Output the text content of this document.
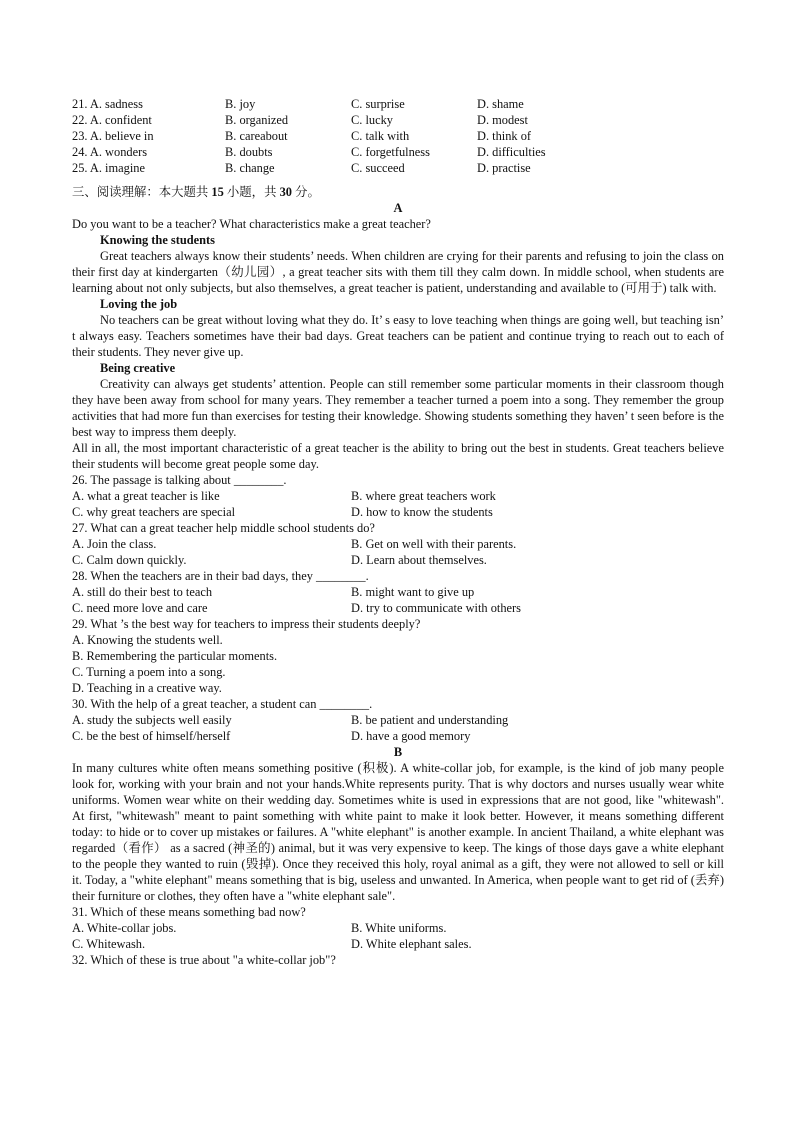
21. A. sadness	B. joy	C. surprise	D. shame
22. A. confident	B. organized	C. lucky	D. modest
23. A. believe in	B. careabout	C. talk with	D. think of
24. A. wonders	B. doubts	C. forgetfulness	D. difficulties
25. A. imagine	B. change	C. succeed	D. practise
三、阅读理解：本大题共 15 小题，共 30 分。
A

Do you want to be a teacher? What characteristics make a great teacher?

Knowing the students

Great teachers always know their students’ needs. When children are crying for their parents and refusing to join the class on their first day at kindergarten（幼儿园）, a great teacher sits with them till they calm down. In middle school, when students are learning about not only subjects, but also themselves, a great teacher is patient, understanding and available to (可用于) talk with.

Loving the job

No teachers can be great without loving what they do. It’ s easy to love teaching when things are going well, but teaching isn’ t always easy. Teachers sometimes have their bad days. Great teachers can be patient and continue trying to reach out to each of their students. They never give up.

Being creative

Creativity can always get students’ attention. People can still remember some particular moments in their classroom though they have been away from school for many years. They remember a teacher turned a poem into a song. They remember the group activities that had more fun than exercises for testing their knowledge. Showing students something they haven’ t seen before is the best way to impress them deeply.

All in all, the most important characteristic of a great teacher is the ability to bring out the best in students. Great teachers believe their students will become great people some day.

26. The passage is talking about ________.
A. what a great teacher is like	B. where great teachers work
C. why great teachers are special	D. how to know the students
27. What can a great teacher help middle school students do?
A. Join the class.	B. Get on well with their parents.
C. Calm down quickly.	D. Learn about themselves.
28. When the teachers are in their bad days, they ________.
A. still do their best to teach	B. might want to give up
C. need more love and care	D. try to communicate with others
29. What ’s the best way for teachers to impress their students deeply?
A. Knowing the students well.
B. Remembering the particular moments.
C. Turning a poem into a song.
D. Teaching in a creative way.
30. With the help of a great teacher, a student can ________.
A. study the subjects well easily	B. be patient and understanding
C. be the best of himself/herself	D. have a good memory
B

In many cultures white often means something positive (积极). A white-collar job, for example, is the kind of job many people look for, working with your brain and not your hands.White represents purity. That is why doctors and nurses usually wear white uniforms. Women wear white on their wedding day. Sometimes white is used in expressions that are not good, like "whitewash". At first, "whitewash" meant to paint something with white paint to make it look better. However, it means something different today: to hide or to cover up mistakes or failures. A "white elephant" is another example. In ancient Thailand, a white elephant was regarded（看作） as a sacred (神圣的) animal, but it was very expensive to keep. The kings of those days gave a white elephant to the people they wanted to ruin (毁掉). Once they received this holy, royal animal as a gift, they were not allowed to sell or kill it. Today, a "white elephant" means something that is big, useless and unwanted. In America, when people want to get rid of (丢弃) their furniture or clothes, they often have a "white elephant sale".

31. Which of these means something bad now?
A. White-collar jobs.	B. White uniforms.
C. Whitewash.	D. White elephant sales.
32. Which of these is true about "a white-collar job"?
